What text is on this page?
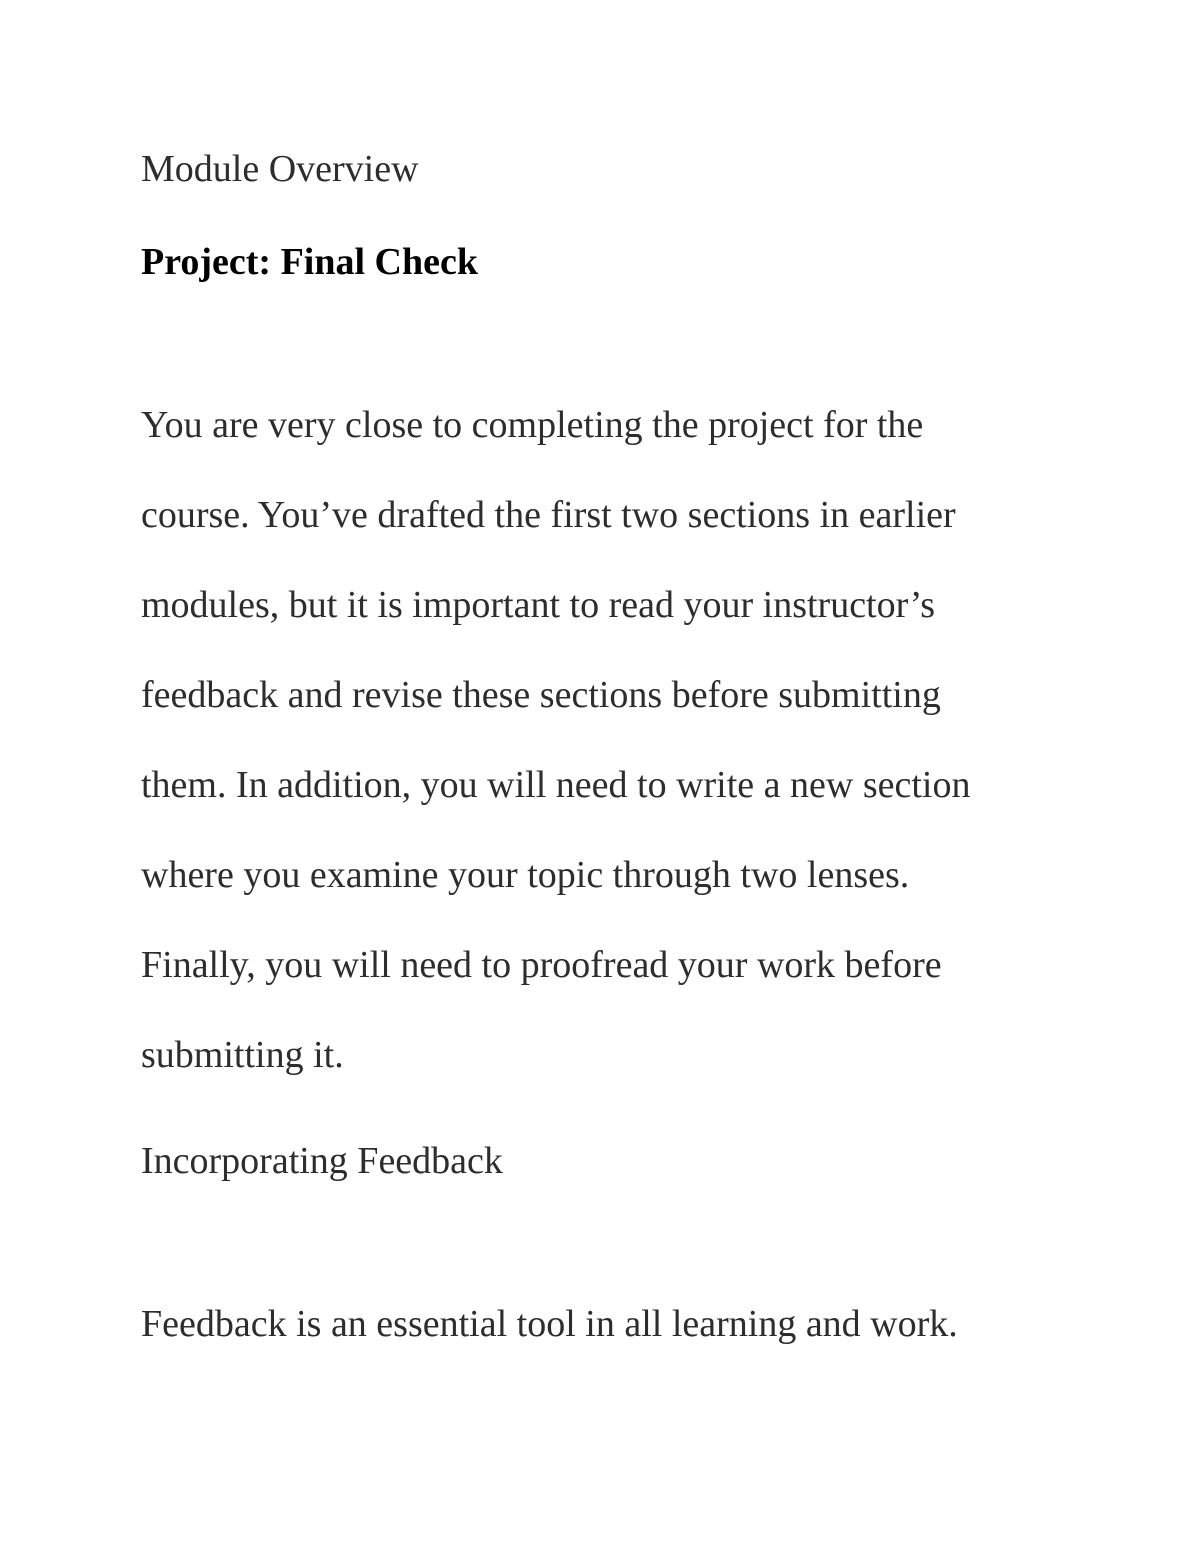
Module Overview
Project: Final Check
You are very close to completing the project for the
course. You’ve drafted the first two sections in earlier
modules, but it is important to read your instructor’s
feedback and revise these sections before submitting
them. In addition, you will need to write a new section
where you examine your topic through two lenses.
Finally, you will need to proofread your work before
submitting it.
Incorporating Feedback
Feedback is an essential tool in all learning and work.
